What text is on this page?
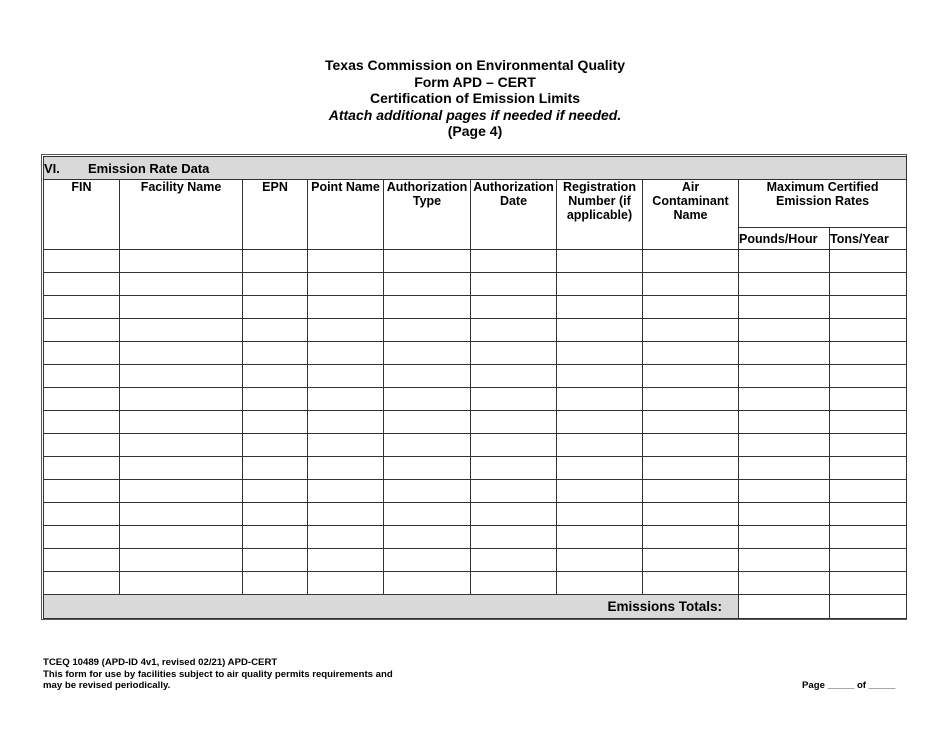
Texas Commission on Environmental Quality
Form APD – CERT
Certification of Emission Limits
Attach additional pages if needed if needed.
(Page 4)
VI. Emission Rate Data									
FIN	Facility Name	EPN	Point Name	Authorization Type	Authorization Date	Registration Number (if applicable)	Air Contaminant Name	Maximum Certified Emission Rates	
								Pounds/Hour	Tons/Year

Emissions Totals:									
TCEQ 10489 (APD-ID 4v1, revised 02/21) APD-CERT
This form for use by facilities subject to air quality permits requirements and
may be revised periodically.	Page _____ of _____
